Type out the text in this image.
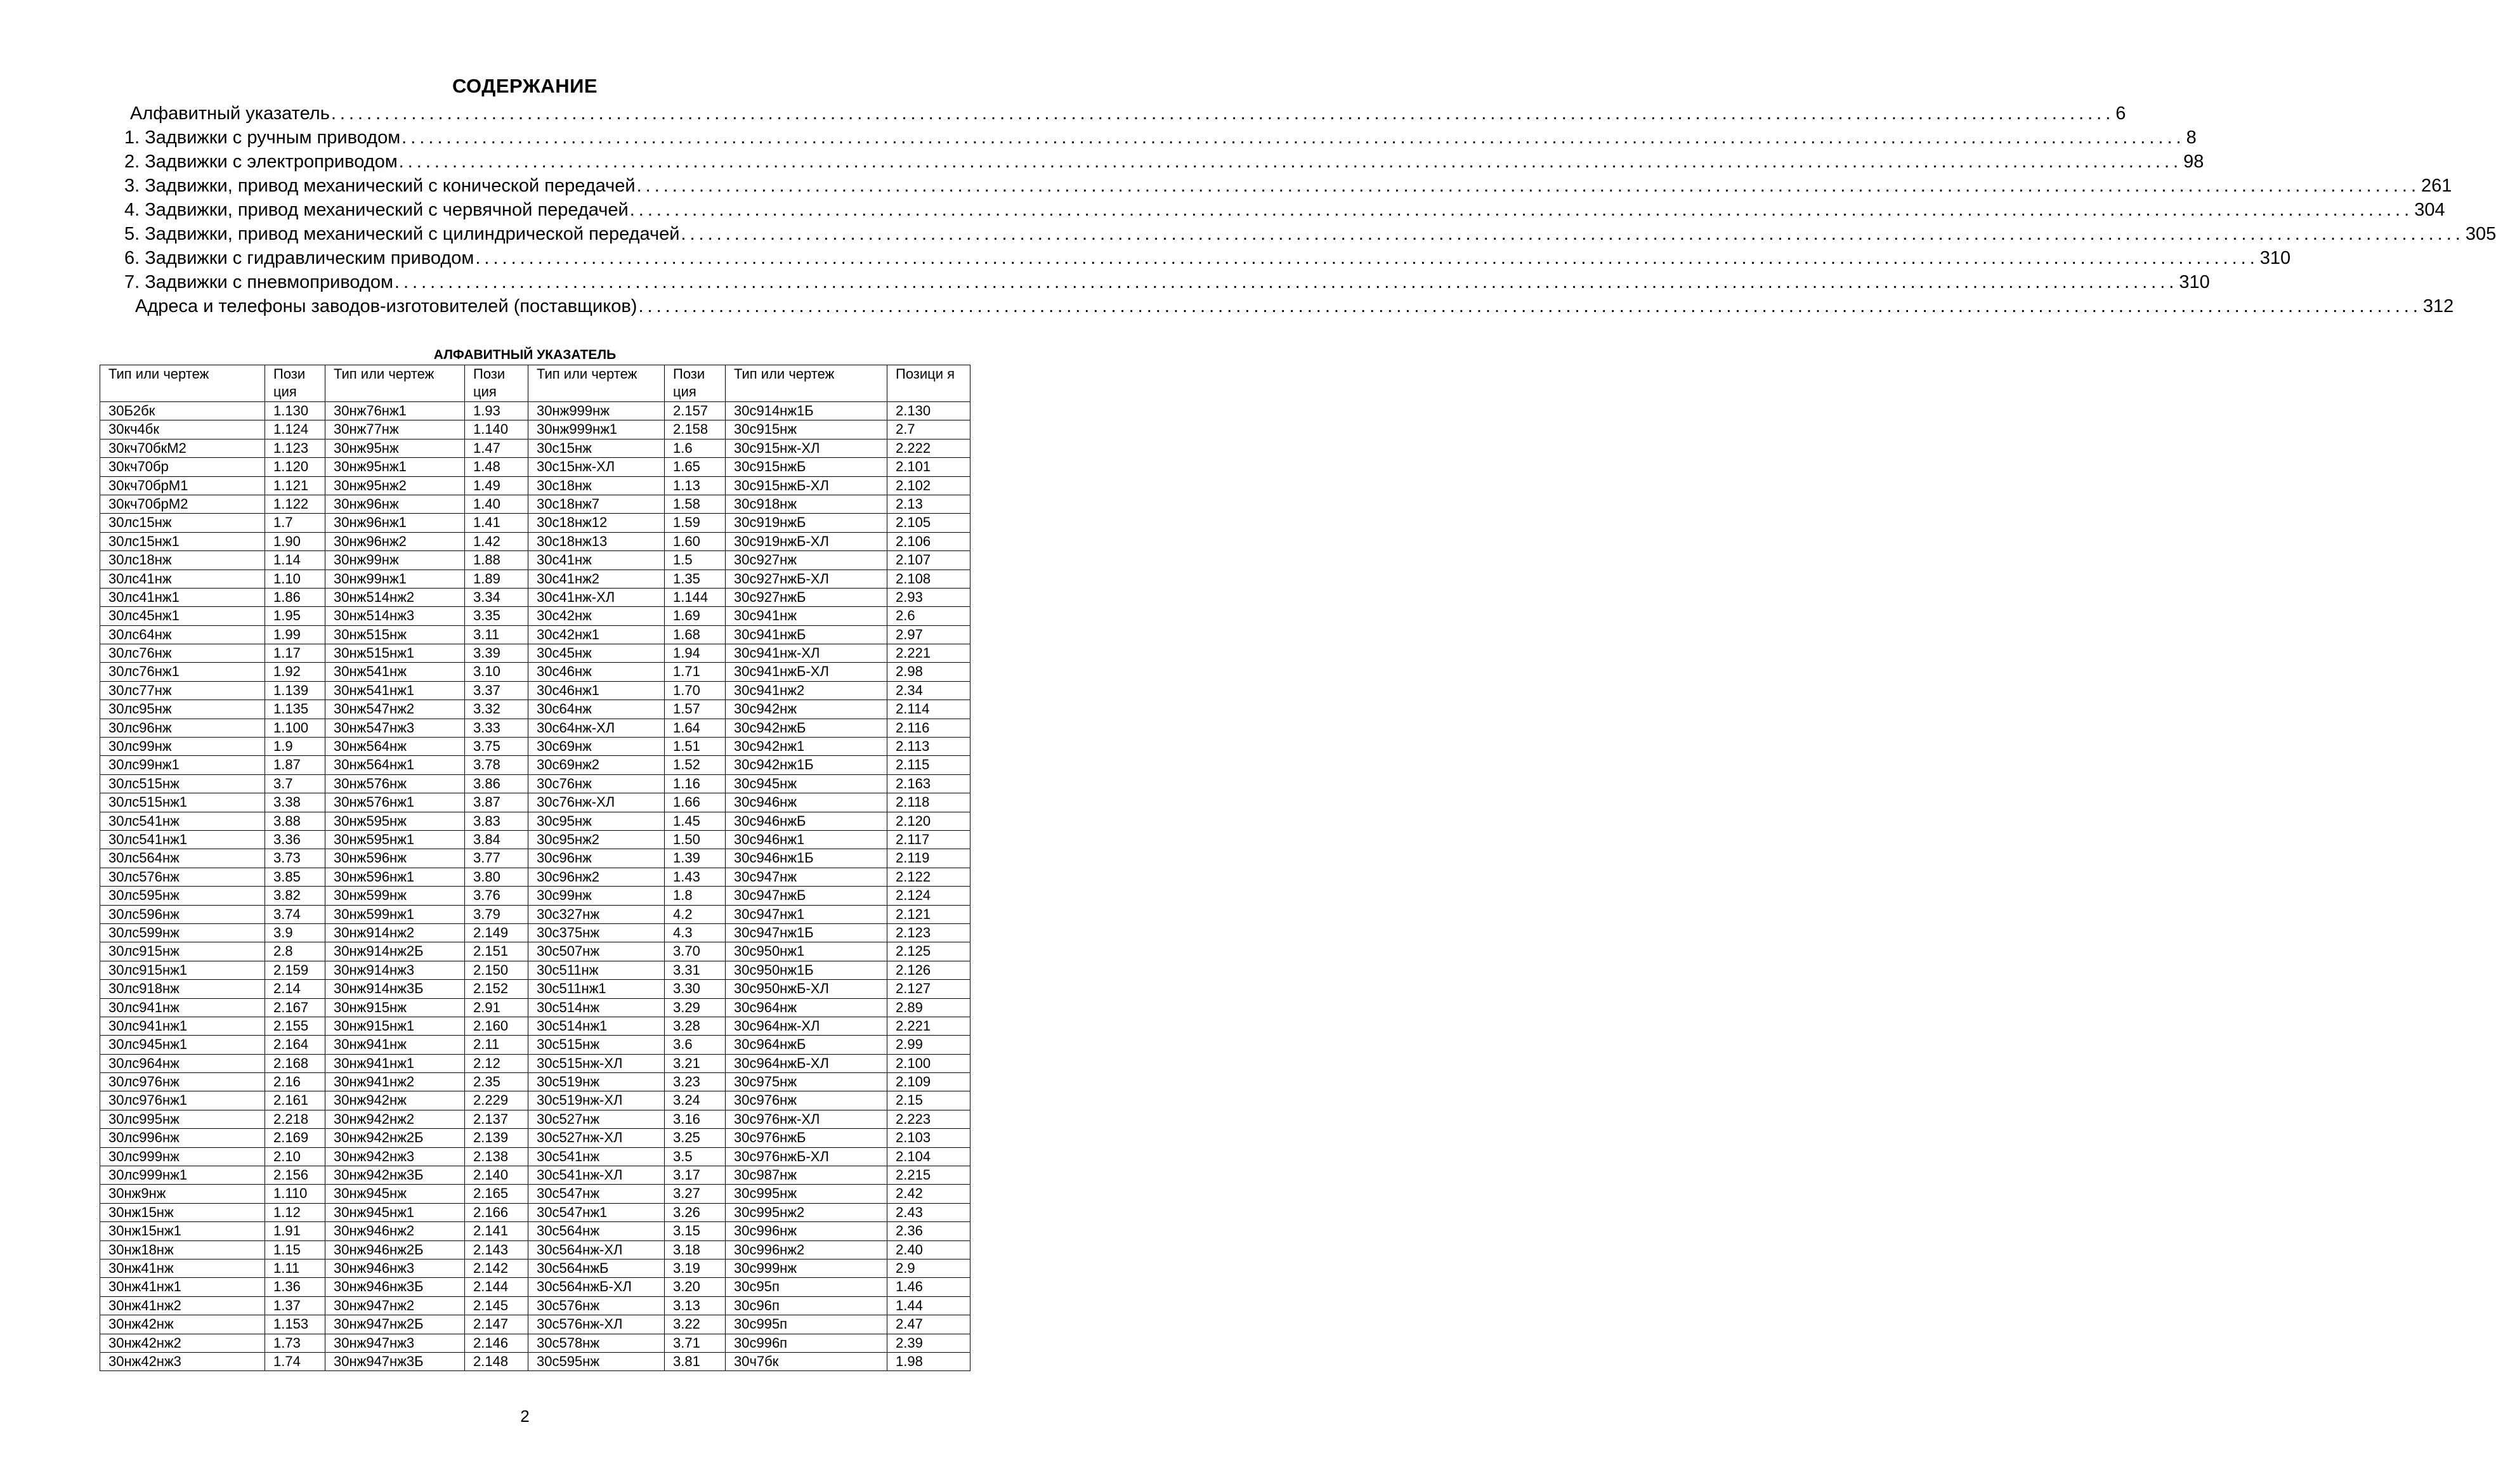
СОДЕРЖАНИЕ
Алфавитный указатель ........................................................................................................................................................................................................ 6
1. Задвижки с ручным приводом ........................................................................................................................................................................................................ 8
2. Задвижки с электроприводом ........................................................................................................................................................................................................ 98
3. Задвижки, привод механический с конической передачей ........................................................................................................................................................................................................ 261
4. Задвижки, привод механический с червячной передачей ........................................................................................................................................................................................................ 304
5. Задвижки, привод механический с цилиндрической передачей ........................................................................................................................................................................................................ 305
6. Задвижки с гидравлическим приводом ........................................................................................................................................................................................................ 310
7. Задвижки с пневмоприводом ........................................................................................................................................................................................................ 310
Адреса и телефоны заводов-изготовителей (поставщиков) ........................................................................................................................................................................................................ 312
АЛФАВИТНЫЙ УКАЗАТЕЛЬ
Тип или чертеж	Пози ция	Тип или чертеж	Пози ция	Тип или чертеж	Пози ция	Тип или чертеж	Позици я
30Б2бк	1.130	30нж76нж1	1.93	30нж999нж	2.157	30с914нж1Б	2.130
30кч4бк	1.124	30нж77нж	1.140	30нж999нж1	2.158	30с915нж	2.7
30кч70бкМ2	1.123	30нж95нж	1.47	30с15нж	1.6	30с915нж-ХЛ	2.222
30кч70бр	1.120	30нж95нж1	1.48	30с15нж-ХЛ	1.65	30с915нжБ	2.101
30кч70брМ1	1.121	30нж95нж2	1.49	30с18нж	1.13	30с915нжБ-ХЛ	2.102
30кч70брМ2	1.122	30нж96нж	1.40	30с18нж7	1.58	30с918нж	2.13
30лс15нж	1.7	30нж96нж1	1.41	30с18нж12	1.59	30с919нжБ	2.105
30лс15нж1	1.90	30нж96нж2	1.42	30с18нж13	1.60	30с919нжБ-ХЛ	2.106
30лс18нж	1.14	30нж99нж	1.88	30с41нж	1.5	30с927нж	2.107
30лс41нж	1.10	30нж99нж1	1.89	30с41нж2	1.35	30с927нжБ-ХЛ	2.108
30лс41нж1	1.86	30нж514нж2	3.34	30с41нж-ХЛ	1.144	30с927нжБ	2.93
30лс45нж1	1.95	30нж514нж3	3.35	30с42нж	1.69	30с941нж	2.6
30лс64нж	1.99	30нж515нж	3.11	30с42нж1	1.68	30с941нжБ	2.97
30лс76нж	1.17	30нж515нж1	3.39	30с45нж	1.94	30с941нж-ХЛ	2.221
30лс76нж1	1.92	30нж541нж	3.10	30с46нж	1.71	30с941нжБ-ХЛ	2.98
30лс77нж	1.139	30нж541нж1	3.37	30с46нж1	1.70	30с941нж2	2.34
30лс95нж	1.135	30нж547нж2	3.32	30с64нж	1.57	30с942нж	2.114
30лс96нж	1.100	30нж547нж3	3.33	30с64нж-ХЛ	1.64	30с942нжБ	2.116
30лс99нж	1.9	30нж564нж	3.75	30с69нж	1.51	30с942нж1	2.113
30лс99нж1	1.87	30нж564нж1	3.78	30с69нж2	1.52	30с942нж1Б	2.115
30лс515нж	3.7	30нж576нж	3.86	30с76нж	1.16	30с945нж	2.163
30лс515нж1	3.38	30нж576нж1	3.87	30с76нж-ХЛ	1.66	30с946нж	2.118
30лс541нж	3.88	30нж595нж	3.83	30с95нж	1.45	30с946нжБ	2.120
30лс541нж1	3.36	30нж595нж1	3.84	30с95нж2	1.50	30с946нж1	2.117
30лс564нж	3.73	30нж596нж	3.77	30с96нж	1.39	30с946нж1Б	2.119
30лс576нж	3.85	30нж596нж1	3.80	30с96нж2	1.43	30с947нж	2.122
30лс595нж	3.82	30нж599нж	3.76	30с99нж	1.8	30с947нжБ	2.124
30лс596нж	3.74	30нж599нж1	3.79	30с327нж	4.2	30с947нж1	2.121
30лс599нж	3.9	30нж914нж2	2.149	30с375нж	4.3	30с947нж1Б	2.123
30лс915нж	2.8	30нж914нж2Б	2.151	30с507нж	3.70	30с950нж1	2.125
30лс915нж1	2.159	30нж914нж3	2.150	30с511нж	3.31	30с950нж1Б	2.126
30лс918нж	2.14	30нж914нж3Б	2.152	30с511нж1	3.30	30с950нжБ-ХЛ	2.127
30лс941нж	2.167	30нж915нж	2.91	30с514нж	3.29	30с964нж	2.89
30лс941нж1	2.155	30нж915нж1	2.160	30с514нж1	3.28	30с964нж-ХЛ	2.221
30лс945нж1	2.164	30нж941нж	2.11	30с515нж	3.6	30с964нжБ	2.99
30лс964нж	2.168	30нж941нж1	2.12	30с515нж-ХЛ	3.21	30с964нжБ-ХЛ	2.100
30лс976нж	2.16	30нж941нж2	2.35	30с519нж	3.23	30с975нж	2.109
30лс976нж1	2.161	30нж942нж	2.229	30с519нж-ХЛ	3.24	30с976нж	2.15
30лс995нж	2.218	30нж942нж2	2.137	30с527нж	3.16	30с976нж-ХЛ	2.223
30лс996нж	2.169	30нж942нж2Б	2.139	30с527нж-ХЛ	3.25	30с976нжБ	2.103
30лс999нж	2.10	30нж942нж3	2.138	30с541нж	3.5	30с976нжБ-ХЛ	2.104
30лс999нж1	2.156	30нж942нж3Б	2.140	30с541нж-ХЛ	3.17	30с987нж	2.215
30нж9нж	1.110	30нж945нж	2.165	30с547нж	3.27	30с995нж	2.42
30нж15нж	1.12	30нж945нж1	2.166	30с547нж1	3.26	30с995нж2	2.43
30нж15нж1	1.91	30нж946нж2	2.141	30с564нж	3.15	30с996нж	2.36
30нж18нж	1.15	30нж946нж2Б	2.143	30с564нж-ХЛ	3.18	30с996нж2	2.40
30нж41нж	1.11	30нж946нж3	2.142	30с564нжБ	3.19	30с999нж	2.9
30нж41нж1	1.36	30нж946нж3Б	2.144	30с564нжБ-ХЛ	3.20	30с95п	1.46
30нж41нж2	1.37	30нж947нж2	2.145	30с576нж	3.13	30с96п	1.44
30нж42нж	1.153	30нж947нж2Б	2.147	30с576нж-ХЛ	3.22	30с995п	2.47
30нж42нж2	1.73	30нж947нж3	2.146	30с578нж	3.71	30с996п	2.39
30нж42нж3	1.74	30нж947нж3Б	2.148	30с595нж	3.81	30ч7бк	1.98
2
